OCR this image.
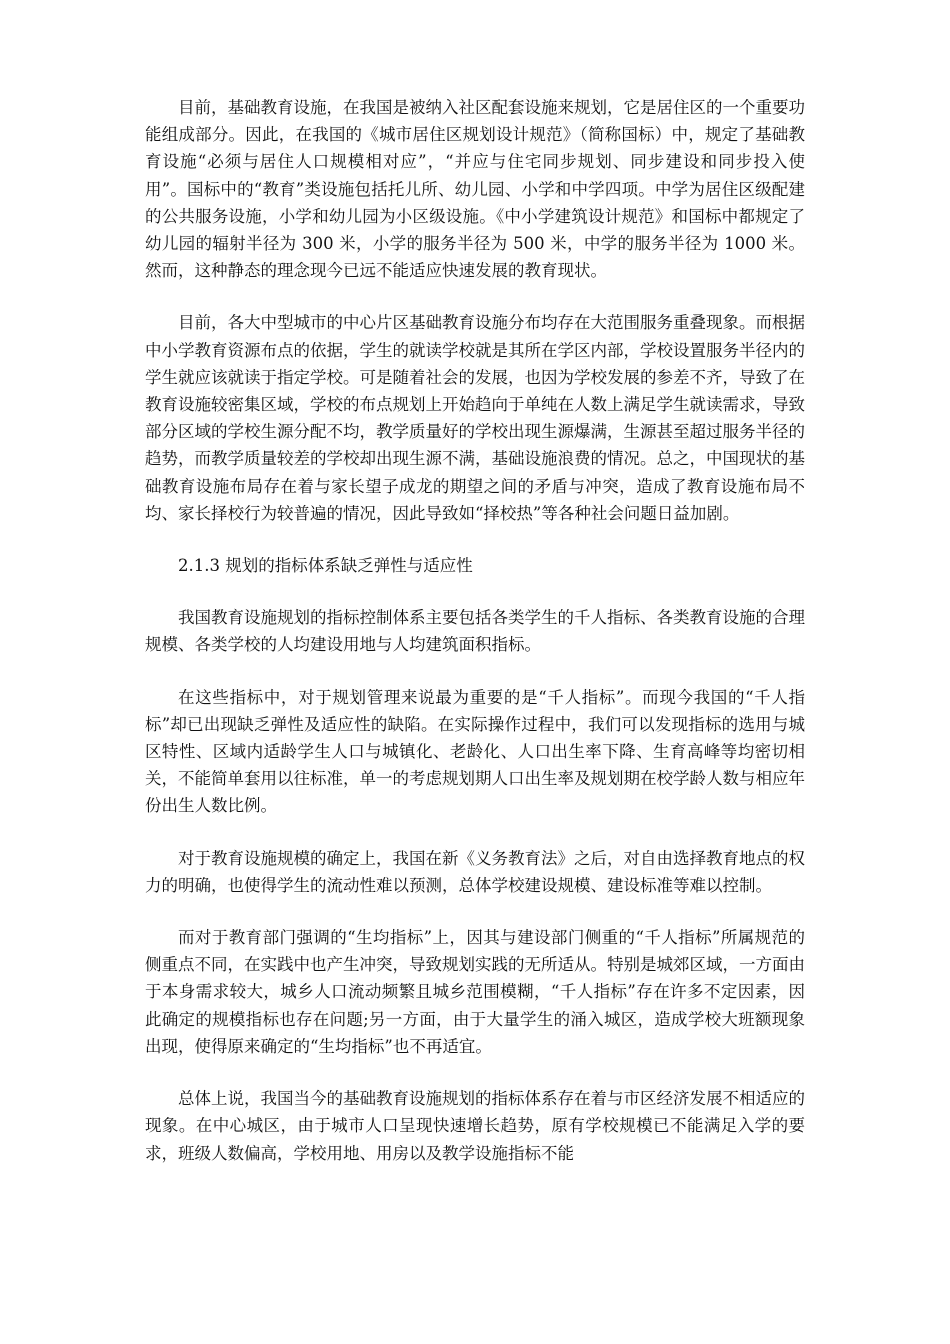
目前，基础教育设施，在我国是被纳入社区配套设施来规划，它是居住区的一个重要功能组成部分。因此，在我国的《城市居住区规划设计规范》（简称国标）中，规定了基础教育设施“必须与居住人口规模相对应”，“并应与住宅同步规划、同步建设和同步投入使用”。国标中的“教育”类设施包括托儿所、幼儿园、小学和中学四项。中学为居住区级配建的公共服务设施，小学和幼儿园为小区级设施。《中小学建筑设计规范》和国标中都规定了幼儿园的辐射半径为 300 米，小学的服务半径为 500 米，中学的服务半径为 1000 米。然而，这种静态的理念现今已远不能适应快速发展的教育现状。

目前，各大中型城市的中心片区基础教育设施分布均存在大范围服务重叠现象。而根据中小学教育资源布点的依据，学生的就读学校就是其所在学区内部，学校设置服务半径内的学生就应该就读于指定学校。可是随着社会的发展，也因为学校发展的参差不齐，导致了在教育设施较密集区域，学校的布点规划上开始趋向于单纯在人数上满足学生就读需求，导致部分区域的学校生源分配不均，教学质量好的学校出现生源爆满，生源甚至超过服务半径的趋势，而教学质量较差的学校却出现生源不满，基础设施浪费的情况。总之，中国现状的基础教育设施布局存在着与家长望子成龙的期望之间的矛盾与冲突，造成了教育设施布局不均、家长择校行为较普遍的情况，因此导致如“择校热”等各种社会问题日益加剧。

2.1.3 规划的指标体系缺乏弹性与适应性

我国教育设施规划的指标控制体系主要包括各类学生的千人指标、各类教育设施的合理规模、各类学校的人均建设用地与人均建筑面积指标。

在这些指标中，对于规划管理来说最为重要的是“千人指标”。而现今我国的“千人指标”却已出现缺乏弹性及适应性的缺陷。在实际操作过程中，我们可以发现指标的选用与城区特性、区域内适龄学生人口与城镇化、老龄化、人口出生率下降、生育高峰等均密切相关，不能简单套用以往标准，单一的考虑规划期人口出生率及规划期在校学龄人数与相应年份出生人数比例。

对于教育设施规模的确定上，我国在新《义务教育法》之后，对自由选择教育地点的权力的明确，也使得学生的流动性难以预测，总体学校建设规模、建设标准等难以控制。

而对于教育部门强调的“生均指标”上，因其与建设部门侧重的“千人指标”所属规范的侧重点不同，在实践中也产生冲突，导致规划实践的无所适从。特别是城郊区域，一方面由于本身需求较大，城乡人口流动频繁且城乡范围模糊，“千人指标”存在许多不定因素，因此确定的规模指标也存在问题;另一方面，由于大量学生的涌入城区，造成学校大班额现象出现，使得原来确定的“生均指标”也不再适宜。

总体上说，我国当今的基础教育设施规划的指标体系存在着与市区经济发展不相适应的现象。在中心城区，由于城市人口呈现快速增长趋势，原有学校规模已不能满足入学的要求，班级人数偏高，学校用地、用房以及教学设施指标不能
